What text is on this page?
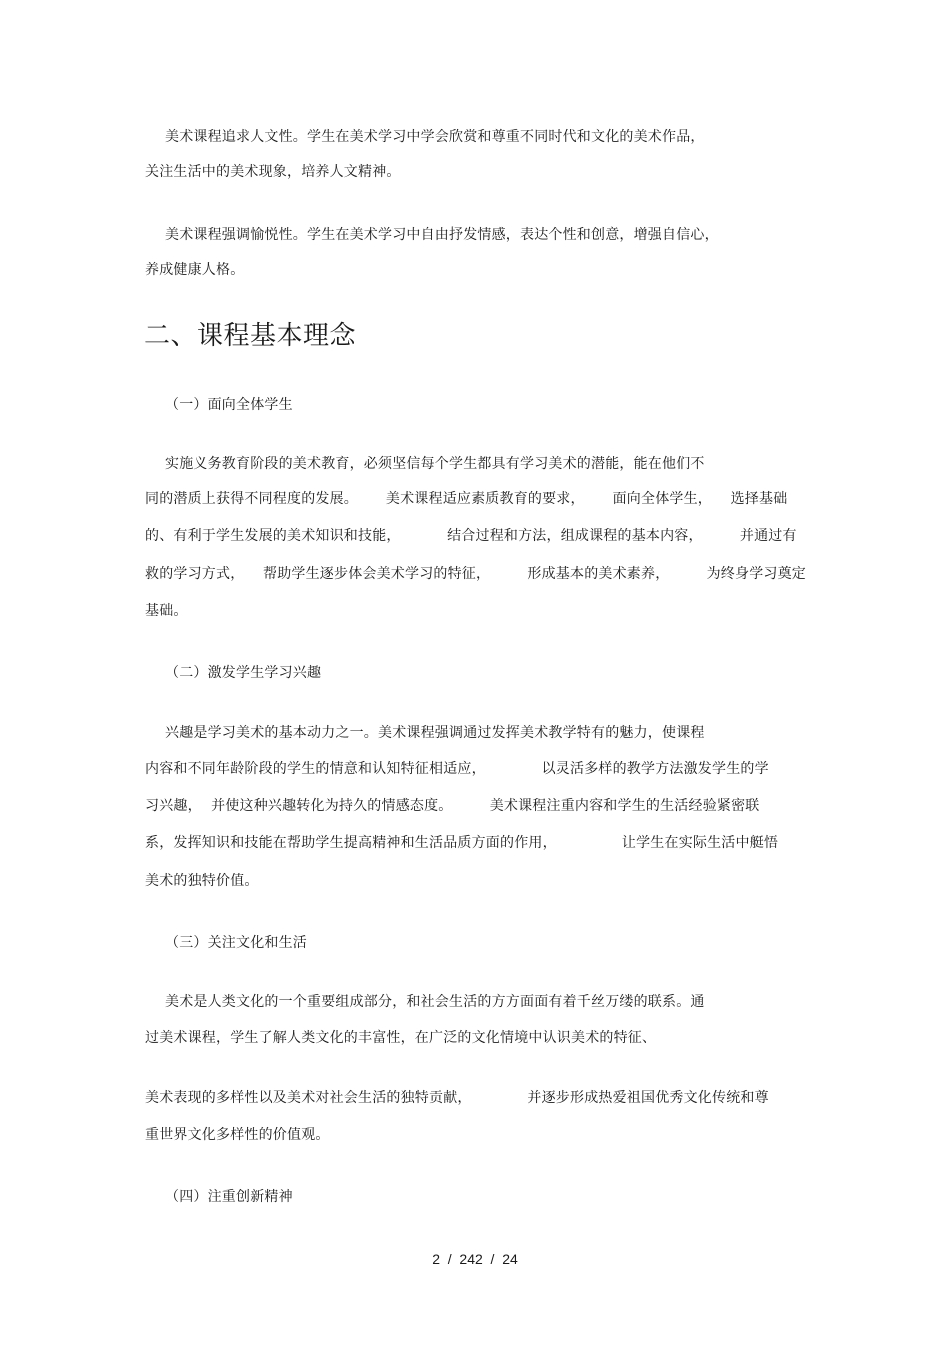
美术课程追求人文性。学生在美术学习中学会欣赏和尊重不同时代和文化的美术作品，
关注生活中的美术现象，培养人文精神。
美术课程强调愉悦性。学生在美术学习中自由抒发情感，表达个性和创意，增强自信心，
养成健康人格。
二、课程基本理念
（一）面向全体学生
实施义务教育阶段的美术教育，必须坚信每个学生都具有学习美术的潜能，能在他们不
同的潜质上获得不同程度的发展。      美术课程适应素质教育的要求，      面向全体学生，    选择基础
的、有利于学生发展的美术知识和技能，          结合过程和方法，组成课程的基本内容，        并通过有
救的学习方式，    帮助学生逐步体会美术学习的特征，        形成基本的美术素养，        为终身学习奠定
基础。
（二）激发学生学习兴趣
兴趣是学习美术的基本动力之一。美术课程强调通过发挥美术教学特有的魅力，使课程
内容和不同年龄阶段的学生的情意和认知特征相适应，            以灵活多样的教学方法激发学生的学
习兴趣，  并使这种兴趣转化为持久的情感态度。        美术课程注重内容和学生的生活经验紧密联
系，发挥知识和技能在帮助学生提高精神和生活品质方面的作用，              让学生在实际生活中艇悟
美术的独特价值。
（三）关注文化和生活
美术是人类文化的一个重要组成部分，和社会生活的方方面面有着千丝万缕的联系。通
过美术课程，学生了解人类文化的丰富性，在广泛的文化情境中认识美术的特征、
美术表现的多样性以及美术对社会生活的独特贡献，            并逐步形成热爱祖国优秀文化传统和尊
重世界文化多样性的价值观。
（四）注重创新精神
2  /  242  /  24
